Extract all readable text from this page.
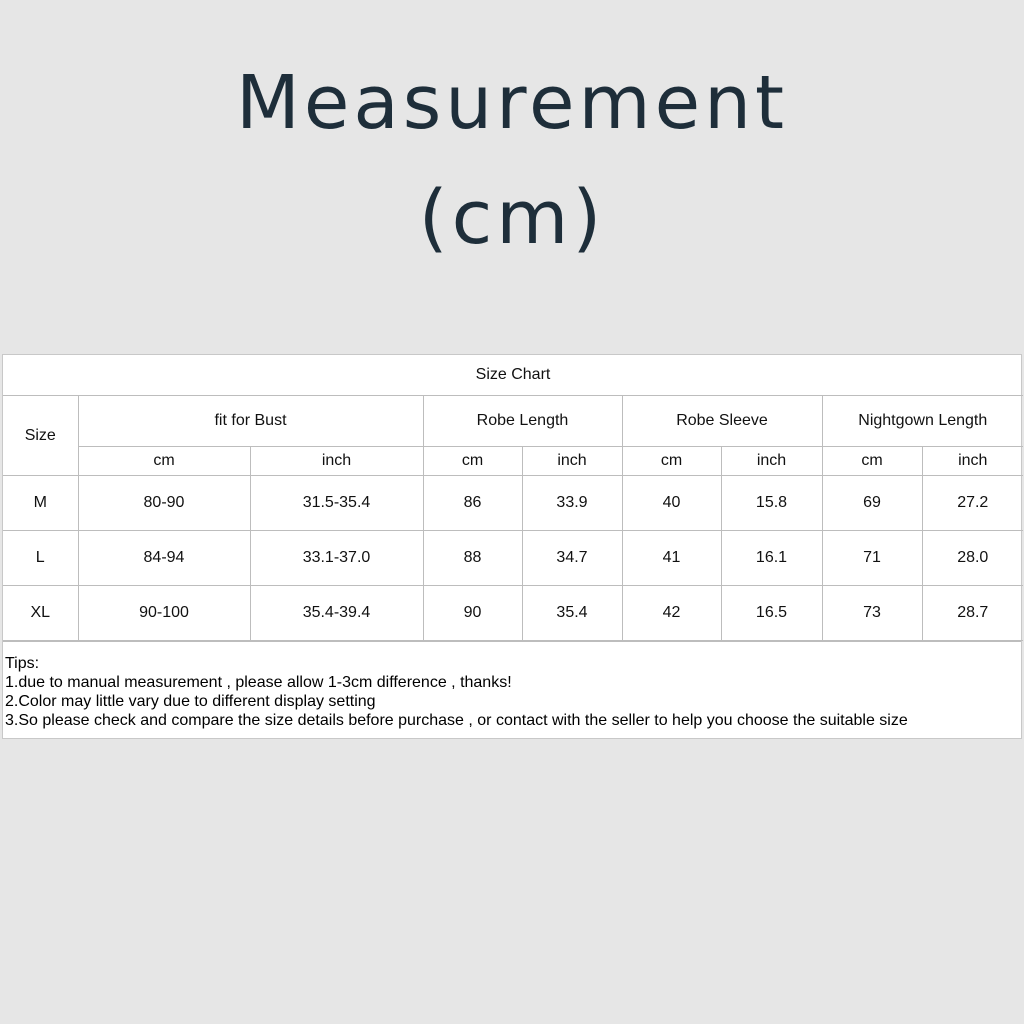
Measurement
(cm)
Size Chart								
Size	fit for Bust		Robe Length		Robe Sleeve		Nightgown Length	
	cm	inch	cm	inch	cm	inch	cm	inch
M	80-90	31.5-35.4	86	33.9	40	15.8	69	27.2
L	84-94	33.1-37.0	88	34.7	41	16.1	71	28.0
XL	90-100	35.4-39.4	90	35.4	42	16.5	73	28.7
Tips:
1.due to manual measurement , please allow 1-3cm difference , thanks!
2.Color may little vary due to different display setting
3.So please check and compare the size details before purchase , or contact with the seller to help you choose the suitable size
